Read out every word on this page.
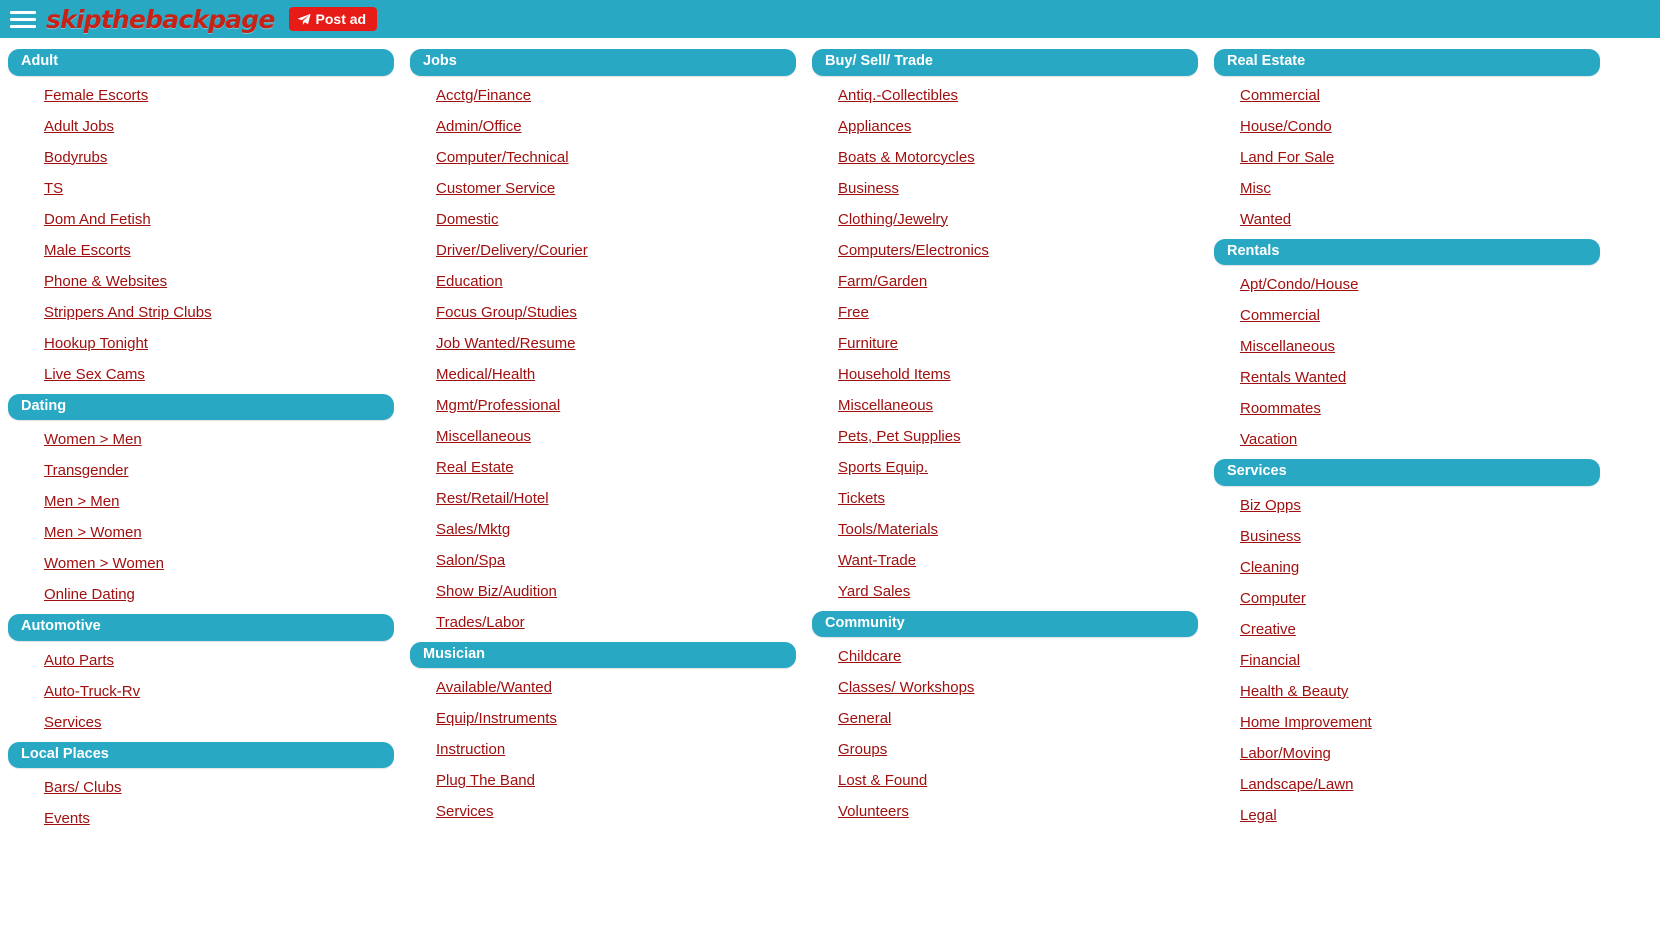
skipthebackpage	Post ad
Adult
Female Escorts
Adult Jobs
Bodyrubs
TS
Dom And Fetish
Male Escorts
Phone & Websites
Strippers And Strip Clubs
Hookup Tonight
Live Sex Cams
Dating
Women > Men
Transgender
Men > Men
Men > Women
Women > Women
Online Dating
Automotive
Auto Parts
Auto-Truck-Rv
Services
Local Places
Bars/ Clubs
Events
Jobs
Acctg/Finance
Admin/Office
Computer/Technical
Customer Service
Domestic
Driver/Delivery/Courier
Education
Focus Group/Studies
Job Wanted/Resume
Medical/Health
Mgmt/Professional
Miscellaneous
Real Estate
Rest/Retail/Hotel
Sales/Mktg
Salon/Spa
Show Biz/Audition
Trades/Labor
Musician
Available/Wanted
Equip/Instruments
Instruction
Plug The Band
Services
Buy/ Sell/ Trade
Antiq.-Collectibles
Appliances
Boats & Motorcycles
Business
Clothing/Jewelry
Computers/Electronics
Farm/Garden
Free
Furniture
Household Items
Miscellaneous
Pets, Pet Supplies
Sports Equip.
Tickets
Tools/Materials
Want-Trade
Yard Sales
Community
Childcare
Classes/ Workshops
General
Groups
Lost & Found
Volunteers
Real Estate
Commercial
House/Condo
Land For Sale
Misc
Wanted
Rentals
Apt/Condo/House
Commercial
Miscellaneous
Rentals Wanted
Roommates
Vacation
Services
Biz Opps
Business
Cleaning
Computer
Creative
Financial
Health & Beauty
Home Improvement
Labor/Moving
Landscape/Lawn
Legal
